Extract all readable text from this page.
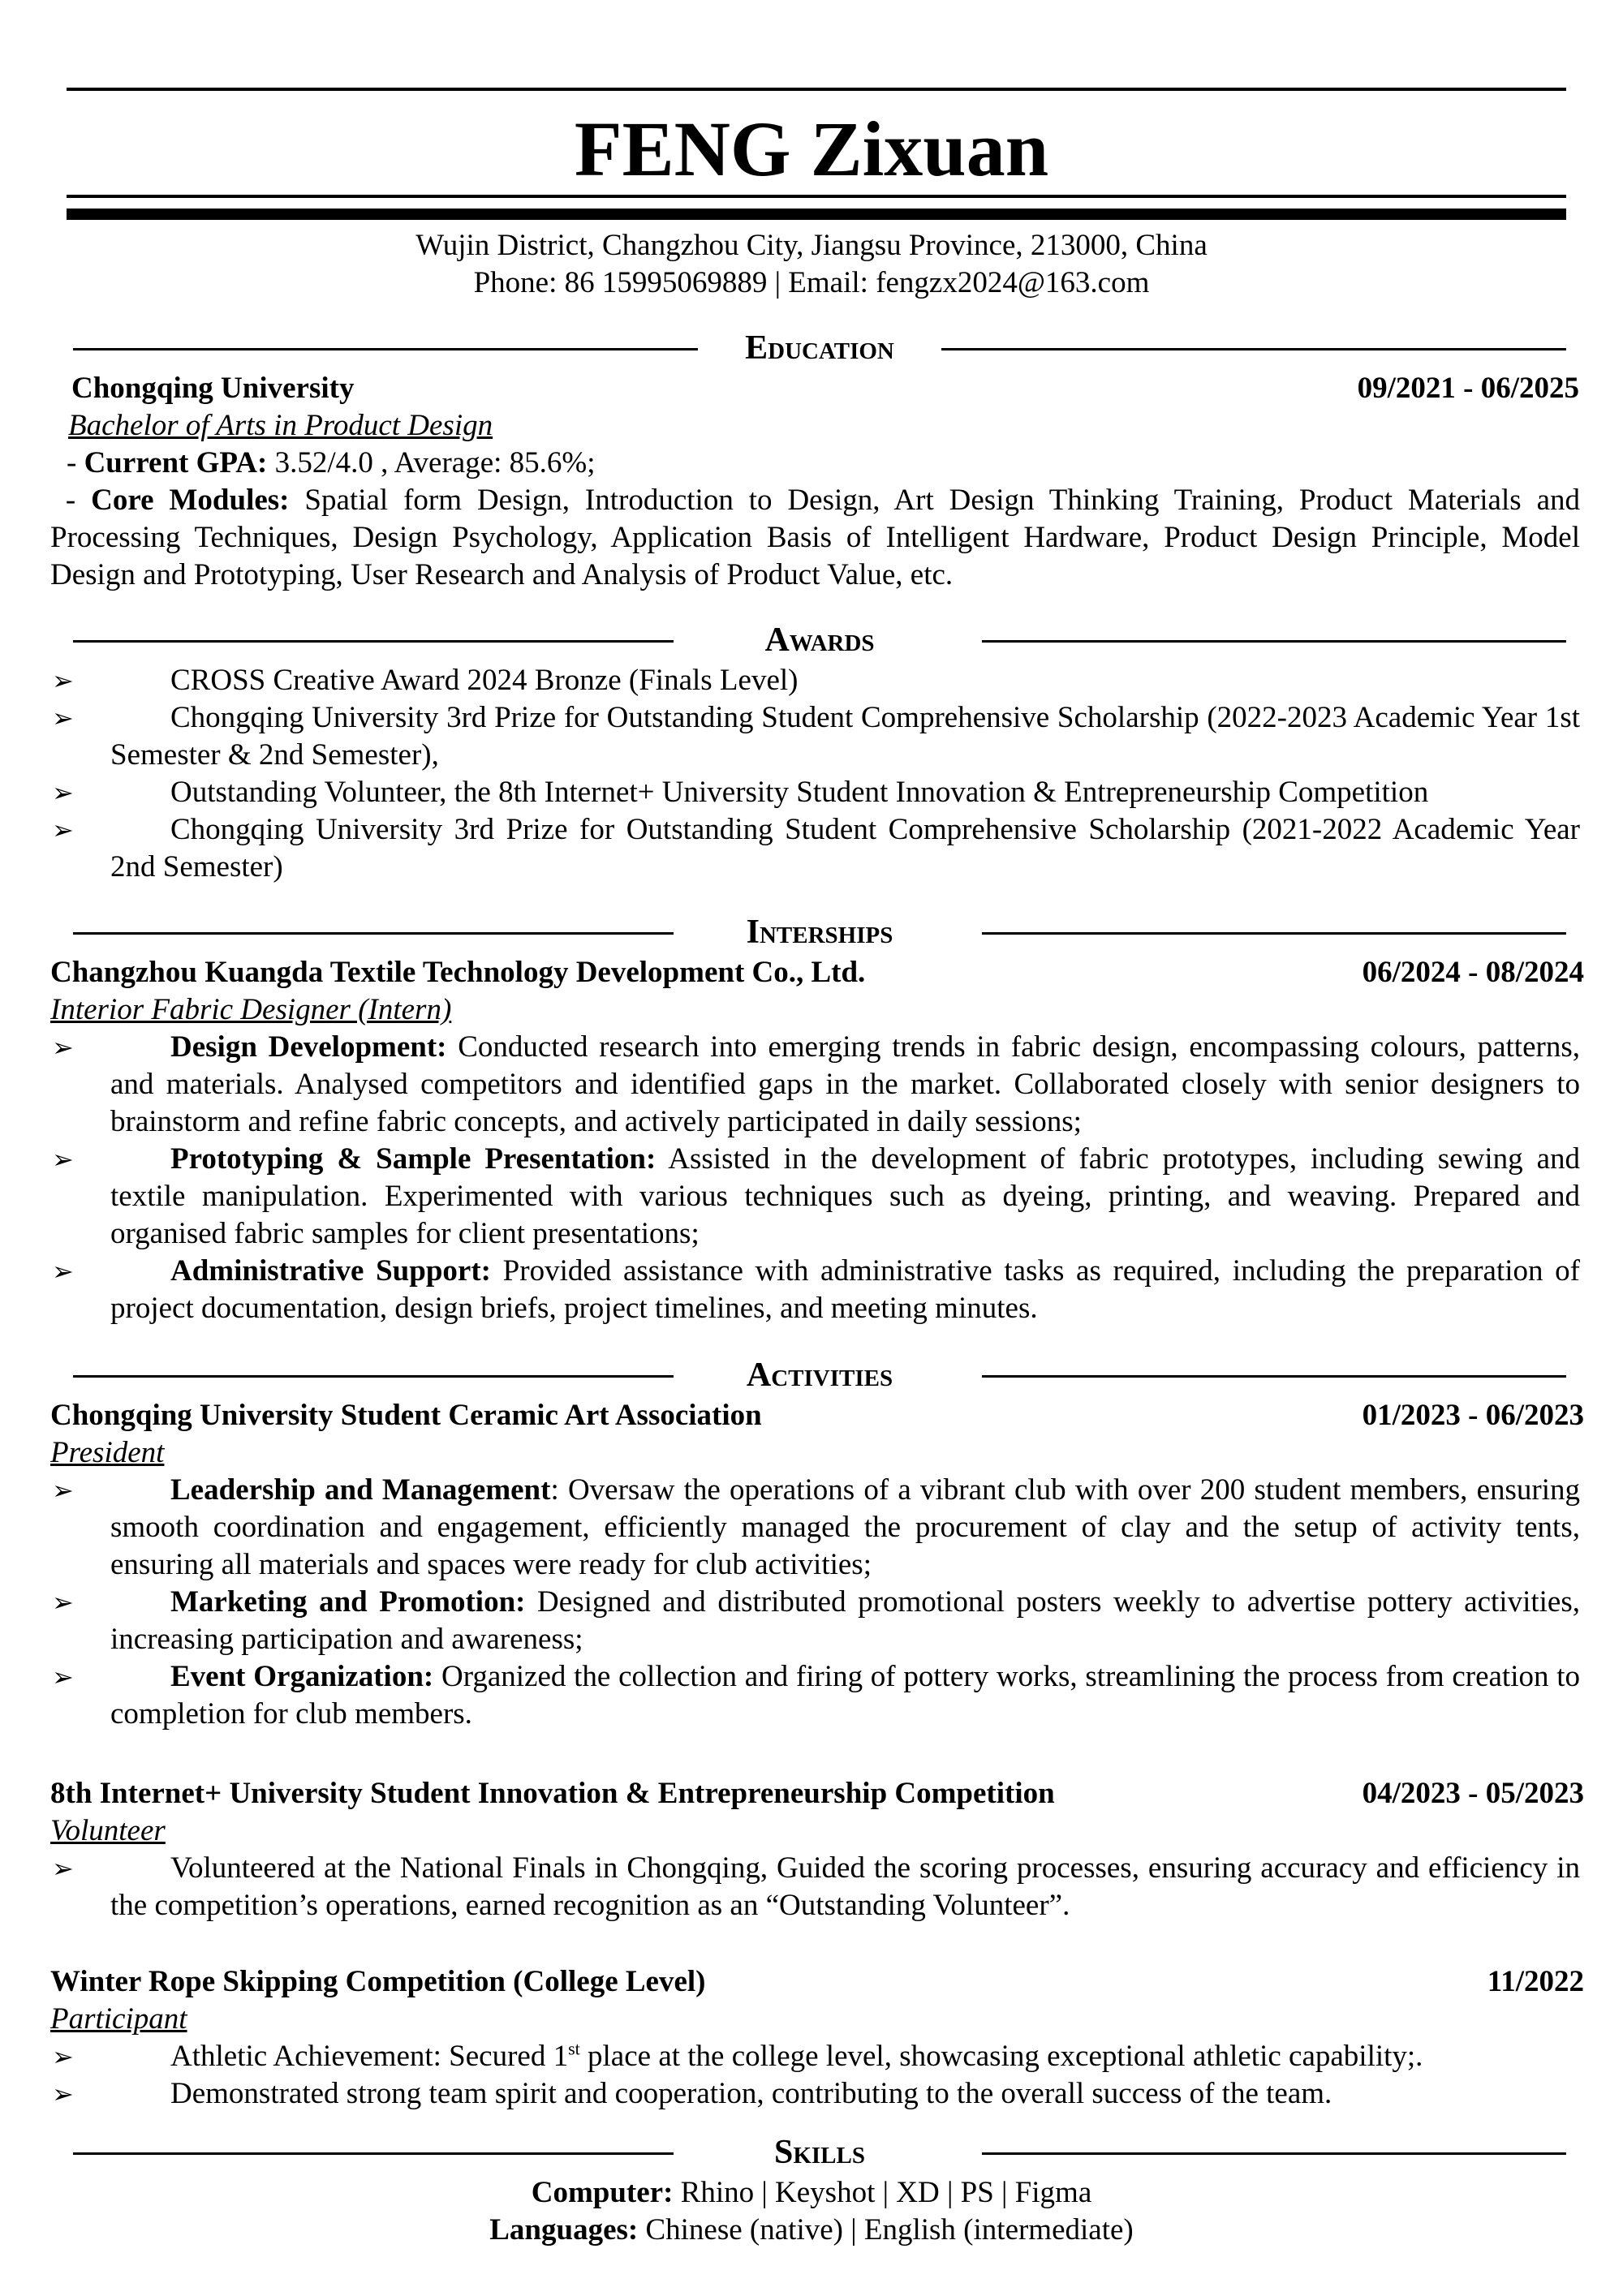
FENG Zixuan
Wujin District, Changzhou City, Jiangsu Province, 213000, China
Phone: 86 15995069889 | Email: fengzx2024@163.com
Education
Chongqing University	09/2021 - 06/2025
Bachelor of Arts in Product Design
- Current GPA: 3.52/4.0 , Average: 85.6%;
- Core Modules: Spatial form Design, Introduction to Design, Art Design Thinking Training, Product Materials and Processing Techniques, Design Psychology, Application Basis of Intelligent Hardware, Product Design Principle, Model Design and Prototyping, User Research and Analysis of Product Value, etc.
Awards
➢	CROSS Creative Award 2024 Bronze (Finals Level)
➢	Chongqing University 3rd Prize for Outstanding Student Comprehensive Scholarship (2022-2023 Academic Year 1st Semester & 2nd Semester),
➢	Outstanding Volunteer, the 8th Internet+ University Student Innovation & Entrepreneurship Competition
➢	Chongqing University 3rd Prize for Outstanding Student Comprehensive Scholarship (2021-2022 Academic Year 2nd Semester)
Interships
Changzhou Kuangda Textile Technology Development Co., Ltd.	06/2024 - 08/2024
Interior Fabric Designer (Intern)
➢	Design Development: Conducted research into emerging trends in fabric design, encompassing colours, patterns, and materials. Analysed competitors and identified gaps in the market. Collaborated closely with senior designers to brainstorm and refine fabric concepts, and actively participated in daily sessions;
➢	Prototyping & Sample Presentation: Assisted in the development of fabric prototypes, including sewing and textile manipulation. Experimented with various techniques such as dyeing, printing, and weaving. Prepared and organised fabric samples for client presentations;
➢	Administrative Support: Provided assistance with administrative tasks as required, including the preparation of project documentation, design briefs, project timelines, and meeting minutes.
Activities
Chongqing University Student Ceramic Art Association	01/2023 - 06/2023
President
➢	Leadership and Management: Oversaw the operations of a vibrant club with over 200 student members, ensuring smooth coordination and engagement, efficiently managed the procurement of clay and the setup of activity tents, ensuring all materials and spaces were ready for club activities;
➢	Marketing and Promotion: Designed and distributed promotional posters weekly to advertise pottery activities, increasing participation and awareness;
➢	Event Organization: Organized the collection and firing of pottery works, streamlining the process from creation to completion for club members.
8th Internet+ University Student Innovation & Entrepreneurship Competition	04/2023 - 05/2023
Volunteer
➢	Volunteered at the National Finals in Chongqing, Guided the scoring processes, ensuring accuracy and efficiency in the competition’s operations, earned recognition as an “Outstanding Volunteer”.
Winter Rope Skipping Competition (College Level)	11/2022
Participant
➢	Athletic Achievement: Secured 1st place at the college level, showcasing exceptional athletic capability;.
➢	Demonstrated strong team spirit and cooperation, contributing to the overall success of the team.
Skills
Computer: Rhino | Keyshot | XD | PS | Figma
Languages: Chinese (native) | English (intermediate)
